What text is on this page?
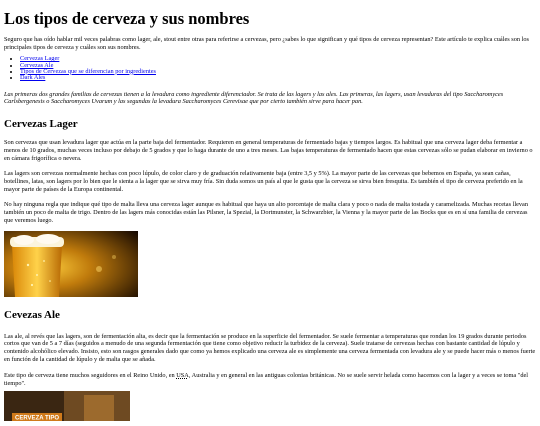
Los tipos de cerveza y sus nombres

Seguro que has oído hablar mil veces palabras como lager, ale, stout entre otras para referirse a cervezas, pero ¿sabes lo que significan y qué tipos de cerveza representan? Este artículo te explica cuáles son los principales tipos de cerveza y cuáles son sus nombres.

• Cervezas Lager
• Cervezas Ale
• Tipos de Cervezas que se diferencian por ingredientes
• Dark Ales

Las primeras dos grandes familias de cervezas tienen a la levadura como ingrediente diferenciador. Se trata de las lagers y las ales. Las primeras, las lagers, usan levaduras del tipo Saccharomyces Carlsbergenesis o Saccharomyces Uvarum y las segundas la levadura Saccharomyces Cerevisae que por cierto también sirve para hacer pan.

Cervezas Lager

Son cervezas que usan levadura lager que actúa en la parte baja del fermentador. Requieren en general temperaturas de fermentado bajas y tiempos largos. Es habitual que una cerveza lager deba fermentar a menos de 10 grados, muchas veces incluso por debajo de 5 grados y que lo haga durante de uno a tres meses. Las bajas temperaturas de fermentado hacen que estas cervezas sólo se pudan elaborar en invierno o en cámara frigorífica o nevera.

Las lagers son cervezas normalmente hechas con poco lúpulo, de color claro y de graduación relativamente baja (entre 3,5 y 5%). La mayor parte de las cervezas que bebemos en España, ya sean cañas, botellines, latas, son lagers por lo bien que le sienta a la lager que se sirva muy fría. Sin duda somos un país al que le gusta que la cerveza se sirva bien fresquita. Es también el tipo de cerveza preferido en la mayor parte de países de la Europa continental.

No hay ninguna regla que indique qué tipo de malta lleva una cerveza lager aunque es habitual que haya un alto porcentaje de malta clara y poco o nada de malta tostada y caramelizada. Muchas recetas llevan también un poco de malta de trigo. Dentro de las lagers más conocidas están las Pilsner, la Spezial, la Dortmunster, la Schwarzbier, la Vienna y la mayor parte de las Bocks que es en sí una familia de cervezas que veremos luego.

Cevezas Ale

Las ale, al revés que las lagers, son de fermentación alta, es decir que la fermentación se produce en la superficie del fermentador. Se suele fermentar a temperaturas que rondan los 19 grados durante periodos cortos que van de 5 a 7 días (seguidos a menudo de una segunda fermentación que tiene como objetivo reducir la turbidez de la cerveza). Suele tratarse de cervezas hechas con bastante cantidad de lúpulo y contenido alcohólico elevado. Insisto, esto son rasgos generales dado que como ya hemos explicado una cerveza ale es simplemente una cerveza fermentada con levadura ale y se puede hacer más o menos fuerte en función de la cantidad de lúpulo y de malta que se añada.

Este tipo de cerveza tiene muchos seguidores en el Reino Unido, en USA, Australia y en general en las antiguas colonias británicas. No se suele servir helada como hacemos con la lager y a veces se toma "del tiempo".

CERVEZA TIPO
